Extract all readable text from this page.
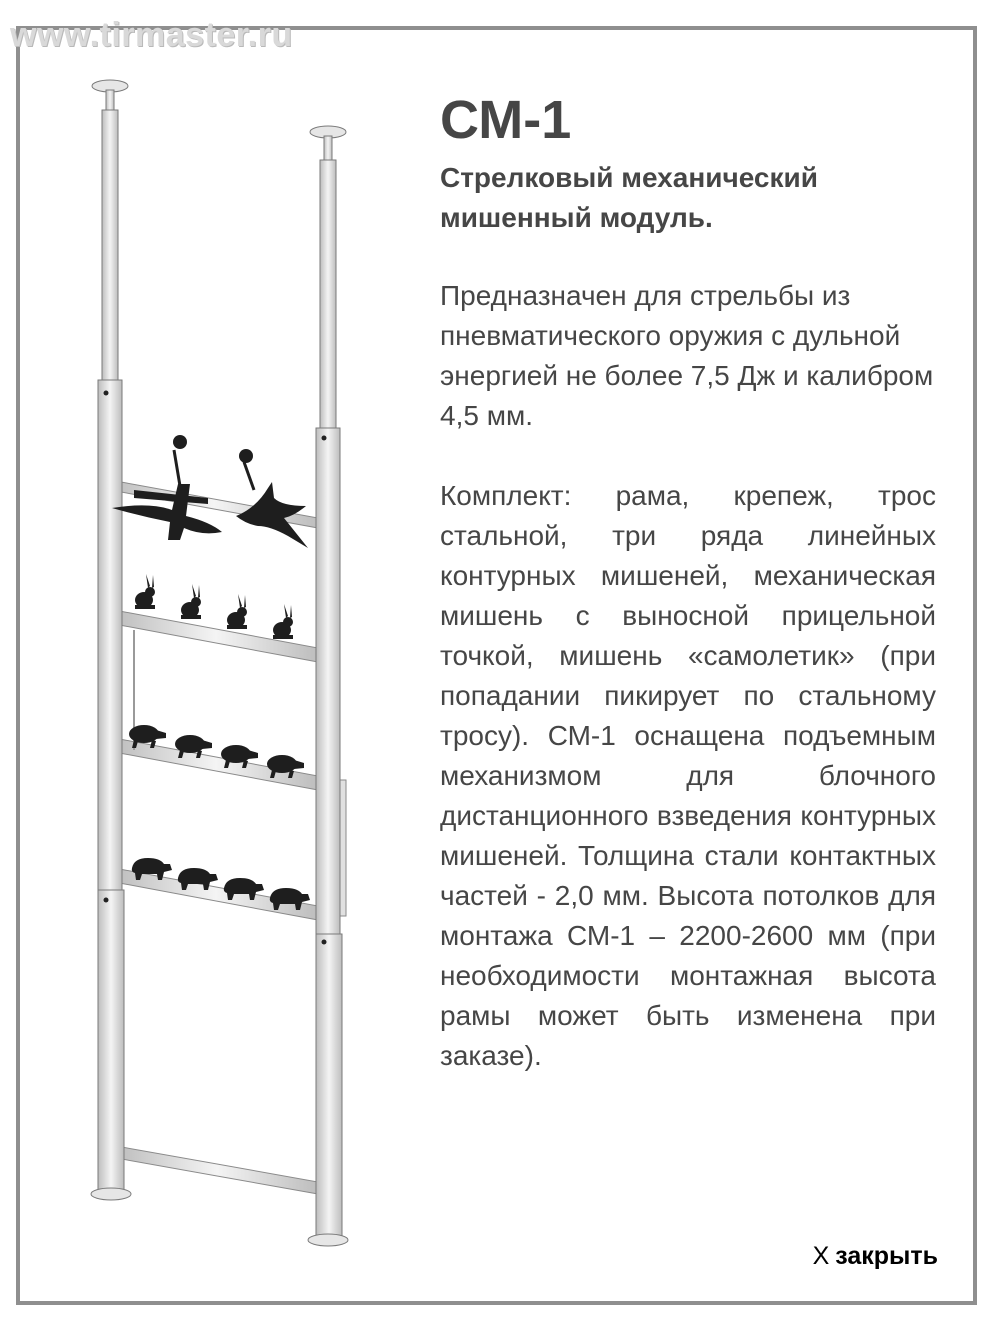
www.tirmaster.ru
СМ-1

Стрелковый механический мишенный модуль.

Предназначен для стрельбы из пневматического оружия с дульной энергией не более 7,5 Дж и калибром 4,5 мм.

Комплект: рама, крепеж, трос стальной, три ряда линейных контурных мишеней, механическая мишень с выносной прицельной точкой, мишень «самолетик» (при попадании пикирует по стальному тросу). СМ-1 оснащена подъемным механизмом для блочного дистанционного взведения контурных мишеней. Толщина стали контактных частей - 2,0 мм. Высота потолков для монтажа СМ-1 – 2200-2600 мм (при необходимости монтажная высота рамы может быть изменена при заказе).

X закрыть
